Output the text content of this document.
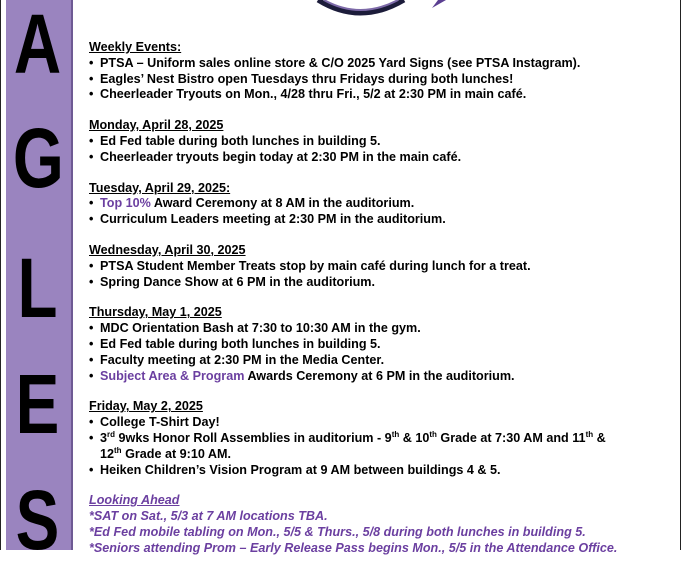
A
G
L
E
S
Weekly Events:
• PTSA – Uniform sales online store & C/O 2025 Yard Signs (see PTSA Instagram).
• Eagles’ Nest Bistro open Tuesdays thru Fridays during both lunches!
• Cheerleader Tryouts on Mon., 4/28 thru Fri., 5/2 at 2:30 PM in main café.
Monday, April 28, 2025
• Ed Fed table during both lunches in building 5.
• Cheerleader tryouts begin today at 2:30 PM in the main café.
Tuesday, April 29, 2025:
• Top 10% Award Ceremony at 8 AM in the auditorium.
• Curriculum Leaders meeting at 2:30 PM in the auditorium.
Wednesday, April 30, 2025
• PTSA Student Member Treats stop by main café during lunch for a treat.
• Spring Dance Show at 6 PM in the auditorium.
Thursday, May 1, 2025
• MDC Orientation Bash at 7:30 to 10:30 AM in the gym.
• Ed Fed table during both lunches in building 5.
• Faculty meeting at 2:30 PM in the Media Center.
• Subject Area & Program Awards Ceremony at 6 PM in the auditorium.
Friday, May 2, 2025
• College T-Shirt Day!
• 3rd 9wks Honor Roll Assemblies in auditorium - 9th & 10th Grade at 7:30 AM and 11th &
12th Grade at 9:10 AM.
• Heiken Children’s Vision Program at 9 AM between buildings 4 & 5.
Looking Ahead
*SAT on Sat., 5/3 at 7 AM locations TBA.
*Ed Fed mobile tabling on Mon., 5/5 & Thurs., 5/8 during both lunches in building 5.
*Seniors attending Prom – Early Release Pass begins Mon., 5/5 in the Attendance Office.
